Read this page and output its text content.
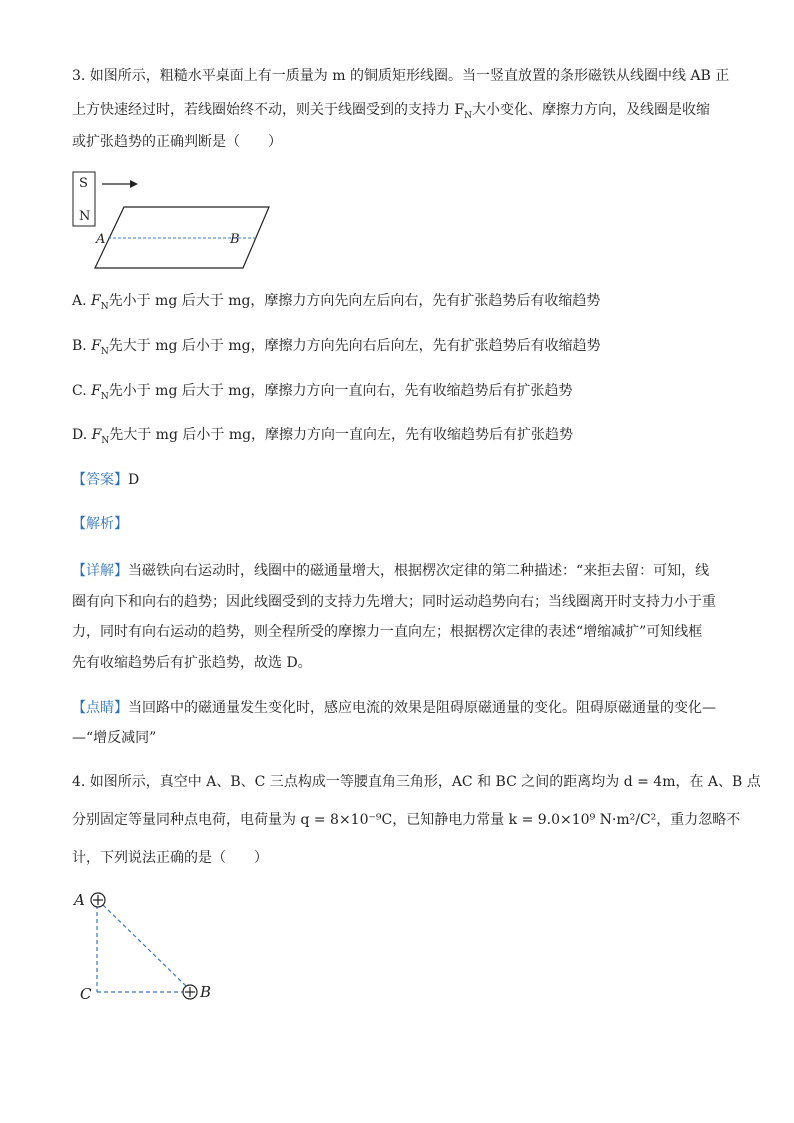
3. 如图所示，粗糙水平桌面上有一质量为 m 的铜质矩形线圈。当一竖直放置的条形磁铁从线圈中线 AB 正
上方快速经过时，若线圈始终不动，则关于线圈受到的支持力 $F_N$大小变化、摩擦力方向，及线圈是收缩
或扩张趋势的正确判断是（　　）
S
N
A	B
A. $F_N$先小于 mg 后大于 mg，摩擦力方向先向左后向右，先有扩张趋势后有收缩趋势
B. $F_N$先大于 mg 后小于 mg，摩擦力方向先向右后向左，先有扩张趋势后有收缩趋势
C. $F_N$先小于 mg 后大于 mg，摩擦力方向一直向右，先有收缩趋势后有扩张趋势
D. $F_N$先大于 mg 后小于 mg，摩擦力方向一直向左，先有收缩趋势后有扩张趋势
【答案】D
【解析】
【详解】当磁铁向右运动时，线圈中的磁通量增大，根据楞次定律的第二种描述：“来拒去留：可知，线
圈有向下和向右的趋势；因此线圈受到的支持力先增大；同时运动趋势向右；当线圈离开时支持力小于重
力，同时有向右运动的趋势，则全程所受的摩擦力一直向左；根据楞次定律的表述“增缩减扩”可知线框
先有收缩趋势后有扩张趋势，故选 D。
【点睛】当回路中的磁通量发生变化时，感应电流的效果是阻碍原磁通量的变化。阻碍原磁通量的变化—
—“增反减同”
4. 如图所示，真空中 A、B、C 三点构成一等腰直角三角形，AC 和 BC 之间的距离均为 d = 4m，在 A、B 点
分别固定等量同种点电荷，电荷量为 q = 8×10⁻⁹C，已知静电力常量 k = 9.0×10⁹ N·m²/C²，重力忽略不
计，下列说法正确的是（　　）
A
C	B
